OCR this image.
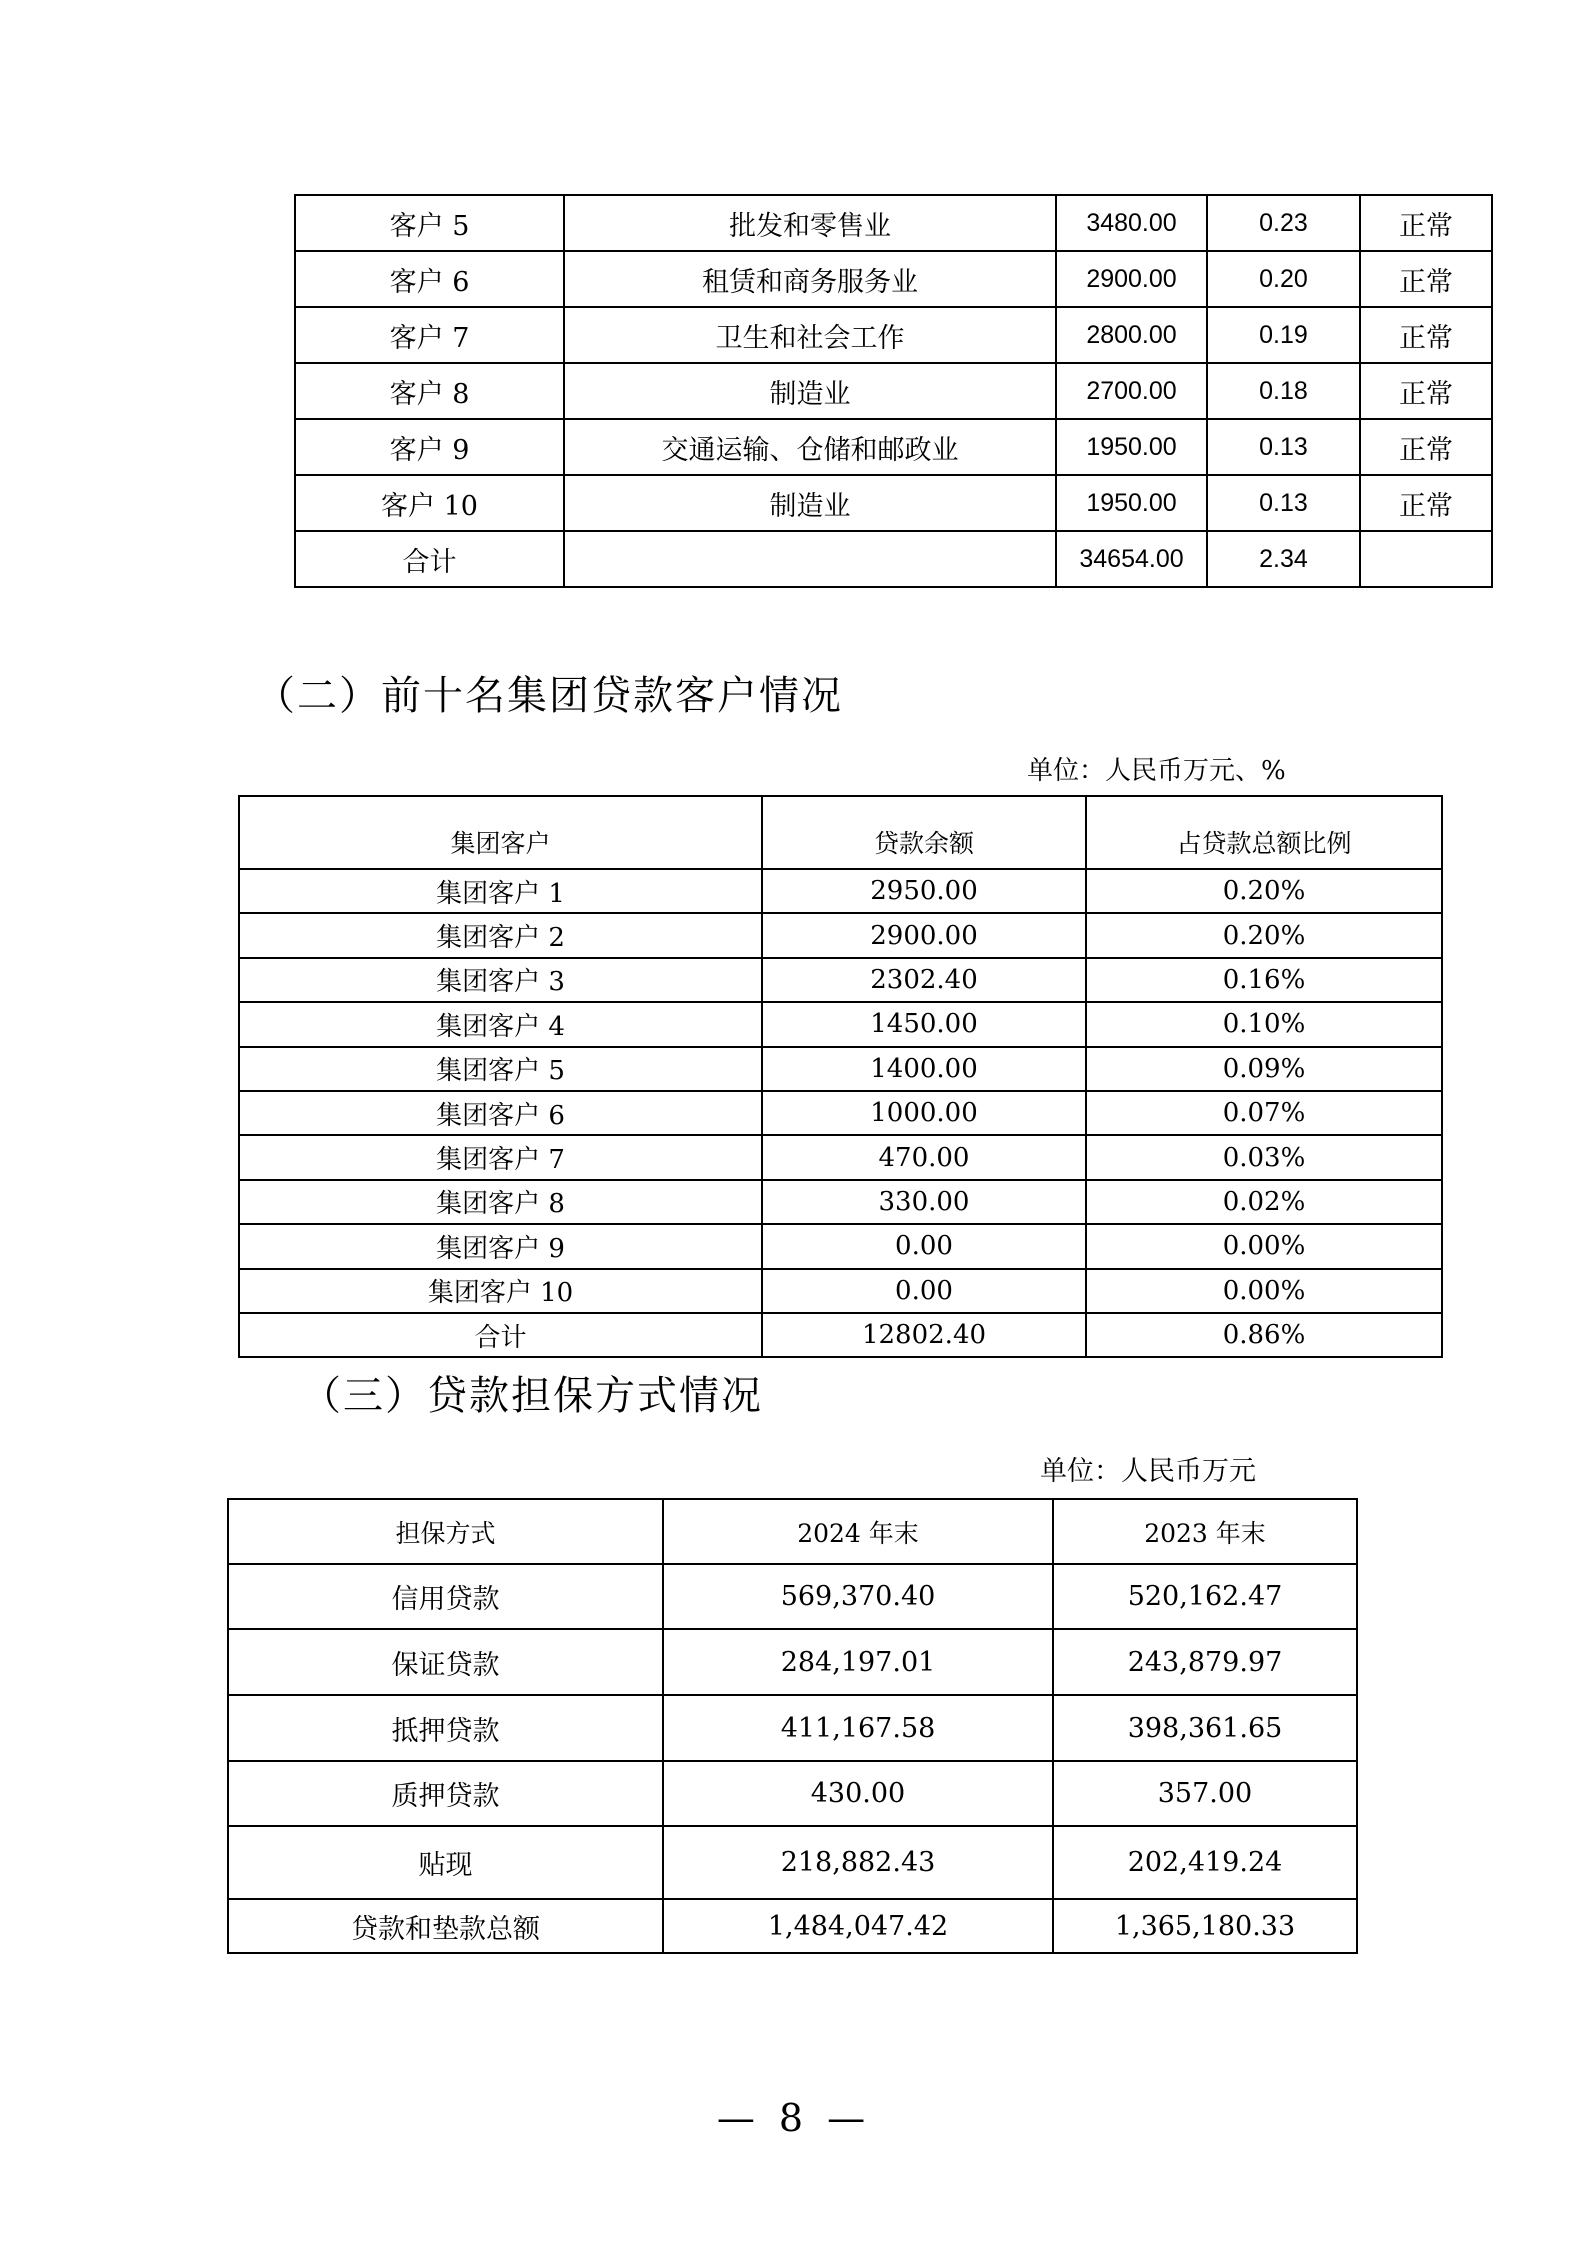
客户 5	批发和零售业	3480.00	0.23	正常
客户 6	租赁和商务服务业	2900.00	0.20	正常
客户 7	卫生和社会工作	2800.00	0.19	正常
客户 8	制造业	2700.00	0.18	正常
客户 9	交通运输、仓储和邮政业	1950.00	0.13	正常
客户 10	制造业	1950.00	0.13	正常
合计		34654.00	2.34	
（二）前十名集团贷款客户情况
单位：人民币万元、%
集团客户	贷款余额	占贷款总额比例
集团客户 1	2950.00	0.20%
集团客户 2	2900.00	0.20%
集团客户 3	2302.40	0.16%
集团客户 4	1450.00	0.10%
集团客户 5	1400.00	0.09%
集团客户 6	1000.00	0.07%
集团客户 7	470.00	0.03%
集团客户 8	330.00	0.02%
集团客户 9	0.00	0.00%
集团客户 10	0.00	0.00%
合计	12802.40	0.86%
（三）贷款担保方式情况
单位：人民币万元
担保方式	2024 年末	2023 年末
信用贷款	569,370.40	520,162.47
保证贷款	284,197.01	243,879.97
抵押贷款	411,167.58	398,361.65
质押贷款	430.00	357.00
贴现	218,882.43	202,419.24
贷款和垫款总额	1,484,047.42	1,365,180.33
— 8 —
